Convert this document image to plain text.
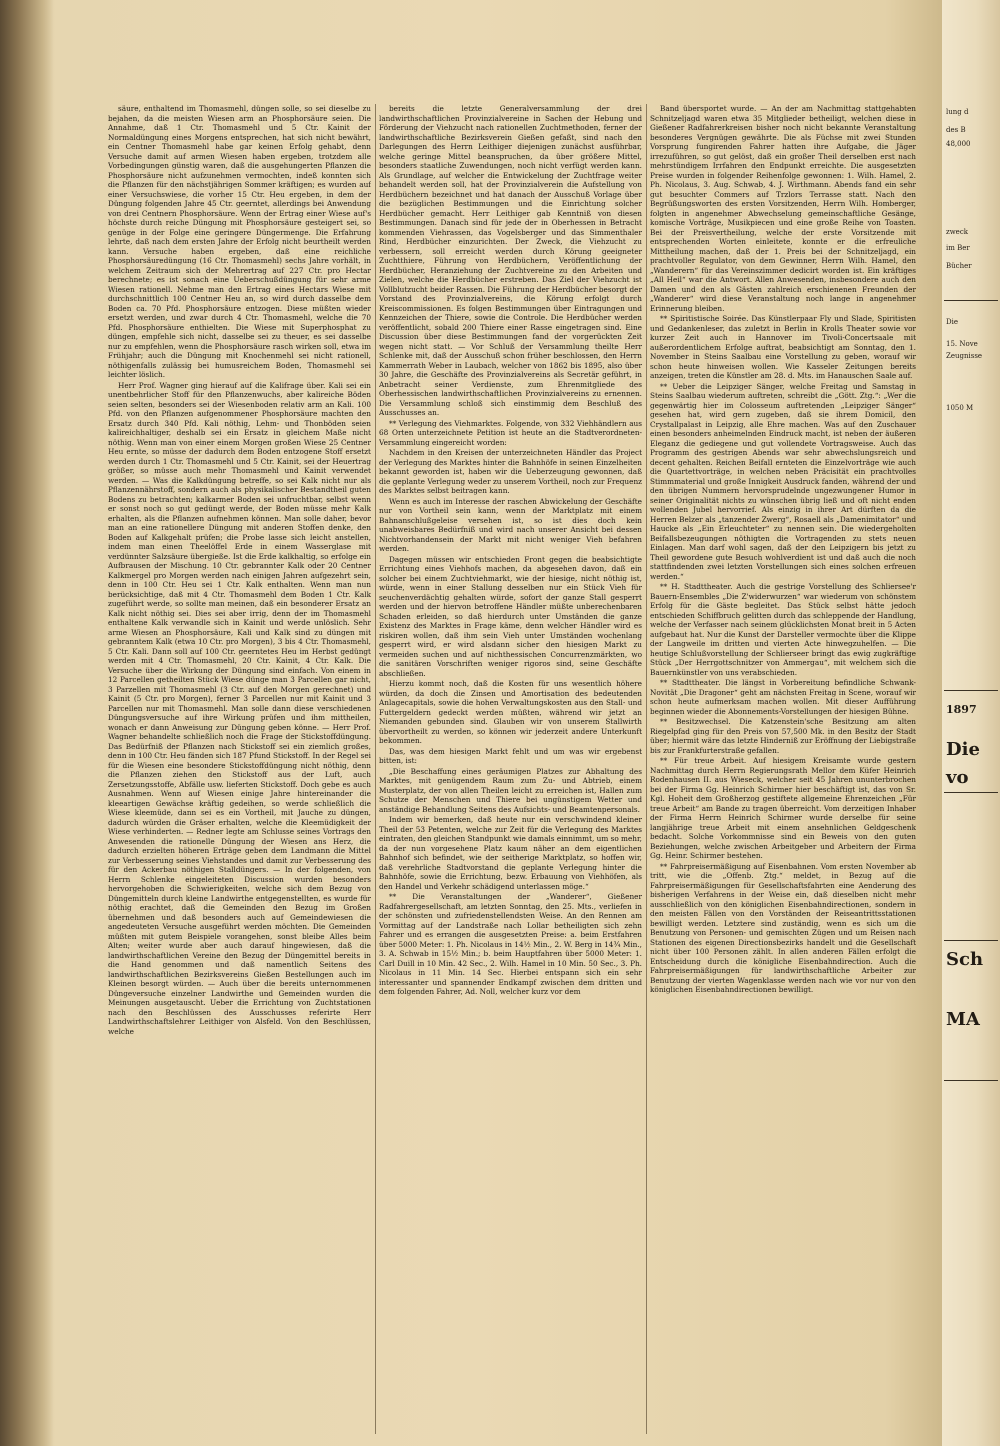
säure, enthaltend im Thomasmehl, düngen solle, so sei dieselbe zu bejahen, da die meisten Wiesen arm an Phosphorsäure seien. Die Annahme, daß 1 Ctr. Thomasmehl und 5 Ctr. Kainit der Normaldüngung eines Morgens entsprechen, hat sich nicht bewährt, ein Centner Thomasmehl habe gar keinen Erfolg gehabt, denn Versuche damit auf armen Wiesen haben ergeben, trotzdem alle Vorbedingungen günstig waren, daß die ausgehungerten Pflanzen die Phosphorsäure nicht aufzunehmen vermochten, indeß konnten sich die Pflanzen für den nächstjährigen Sommer kräftigen; es wurden auf einer Versuchswiese, die vorher 15 Ctr. Heu ergeben, in dem der Düngung folgenden Jahre 45 Ctr. geerntet, allerdings bei Anwendung von drei Centnern Phosphorsäure. Wenn der Ertrag einer Wiese auf's höchste durch reiche Düngung mit Phosphorsäure gesteigert sei, so genüge in der Folge eine geringere Düngermenge. Die Erfahrung lehrte, daß nach dem ersten Jahre der Erfolg nicht beurtheilt werden kann. Versuche haben ergeben, daß eine reichliche Phosphorsäuredüngung (16 Ctr. Thomasmehl) sechs Jahre vorhält, in welchem Zeitraum sich der Mehrertrag auf 227 Ctr. pro Hectar berechnete; es ist sonach eine Ueberschußdüngung für sehr arme Wiesen rationell. Nehme man den Ertrag eines Hectars Wiese mit durchschnittlich 100 Centner Heu an, so wird durch dasselbe dem Boden ca. 70 Pfd. Phosphorsäure entzogen. Diese müßten wieder ersetzt werden, und zwar durch 4 Ctr. Thomasmehl, welche die 70 Pfd. Phosphorsäure enthielten. Die Wiese mit Superphosphat zu düngen, empfehle sich nicht, dasselbe sei zu theuer, es sei dasselbe nur zu empfehlen, wenn die Phosphorsäure rasch wirken soll, etwa im Frühjahr; auch die Düngung mit Knochenmehl sei nicht rationell, nöthigenfalls zulässig bei humusreichem Boden, Thomasmehl sei leichter löslich.

Herr Prof. Wagner ging hierauf auf die Kalifrage über. Kali sei ein unentbehrlicher Stoff für den Pflanzenwuchs, aber kalireiche Böden seien selten, besonders sei der Wiesenboden relativ arm an Kali. 100 Pfd. von den Pflanzen aufgenommener Phosphorsäure machten den Ersatz durch 340 Pfd. Kali nöthig, Lehm- und Thonböden seien kalireichhaltiger, deshalb sei ein Ersatz in gleichem Maße nicht nöthig. Wenn man von einer einem Morgen großen Wiese 25 Centner Heu ernte, so müsse der dadurch dem Boden entzogene Stoff ersetzt werden durch 1 Ctr. Thomasmehl und 5 Ctr. Kainit, sei der Heuertrag größer, so müsse auch mehr Thomasmehl und Kainit verwendet werden. — Was die Kalkdüngung betreffe, so sei Kalk nicht nur als Pflanzennährstoff, sondern auch als physikalischer Bestandtheil guten Bodens zu betrachten; kalkarmer Boden sei unfruchtbar, selbst wenn er sonst noch so gut gedüngt werde, der Boden müsse mehr Kalk erhalten, als die Pflanzen aufnehmen können. Man solle daher, bevor man an eine rationellere Düngung mit anderen Stoffen denke, den Boden auf Kalkgehalt prüfen; die Probe lasse sich leicht anstellen, indem man einen Theelöffel Erde in einem Wasserglase mit verdünnter Salzsäure übergieße. Ist die Erde kalkhaltig, so erfolge ein Aufbrausen der Mischung. 10 Ctr. gebrannter Kalk oder 20 Centner Kalkmergel pro Morgen werden nach einigen Jahren aufgezehrt sein, denn in 100 Ctr. Heu sei 1 Ctr. Kalk enthalten. Wenn man nun berücksichtige, daß mit 4 Ctr. Thomasmehl dem Boden 1 Ctr. Kalk zugeführt werde, so sollte man meinen, daß ein besonderer Ersatz an Kalk nicht nöthig sei. Dies sei aber irrig, denn der im Thomasmehl enthaltene Kalk verwandle sich in Kainit und werde unlöslich. Sehr arme Wiesen an Phosphorsäure, Kali und Kalk sind zu düngen mit gebranntem Kalk (etwa 10 Ctr. pro Morgen), 3 bis 4 Ctr. Thomasmehl, 5 Ctr. Kali. Dann soll auf 100 Ctr. geerntetes Heu im Herbst gedüngt werden mit 4 Ctr. Thomasmehl, 20 Ctr. Kainit, 4 Ctr. Kalk. Die Versuche über die Wirkung der Düngung sind einfach. Von einem in 12 Parcellen getheilten Stück Wiese dünge man 3 Parcellen gar nicht, 3 Parzellen mit Thomasmehl (3 Ctr. auf den Morgen gerechnet) und Kainit (5 Ctr. pro Morgen), ferner 3 Parcellen nur mit Kainit und 3 Parcellen nur mit Thomasmehl. Man solle dann diese verschiedenen Düngungsversuche auf ihre Wirkung prüfen und ihm mittheilen, wonach er dann Anweisung zur Düngung geben könne. — Herr Prof. Wagner behandelte schließlich noch die Frage der Stickstoffdüngung. Das Bedürfniß der Pflanzen nach Stickstoff sei ein ziemlich großes, denn in 100 Ctr. Heu fänden sich 187 Pfund Stickstoff. In der Regel sei für die Wiesen eine besondere Stickstoffdüngung nicht nöthig, denn die Pflanzen ziehen den Stickstoff aus der Luft, auch Zersetzungsstoffe, Abfälle usw. lieferten Stickstoff. Doch gebe es auch Ausnahmen. Wenn auf Wiesen einige Jahre hintereinander die kleeartigen Gewächse kräftig gedeihen, so werde schließlich die Wiese kleemüde, dann sei es ein Vortheil, mit Jauche zu düngen, dadurch würden die Gräser erhalten, welche die Kleemüdigkeit der Wiese verhinderten. — Redner legte am Schlusse seines Vortrags den Anwesenden die rationelle Düngung der Wiesen ans Herz, die dadurch erzielten höheren Erträge geben dem Landmann die Mittel zur Verbesserung seines Viehstandes und damit zur Verbesserung des für den Ackerbau nöthigen Stalldüngers. — In der folgenden, von Herrn Schlenke eingeleiteten Discussion wurden besonders hervorgehoben die Schwierigkeiten, welche sich dem Bezug von Düngemitteln durch kleine Landwirthe entgegenstellten, es wurde für nöthig erachtet, daß die Gemeinden den Bezug im Großen übernehmen und daß besonders auch auf Gemeindewiesen die angedeuteten Versuche ausgeführt werden möchten. Die Gemeinden müßten mit gutem Beispiele vorangehen, sonst bleibe Alles beim Alten; weiter wurde aber auch darauf hingewiesen, daß die landwirthschaftlichen Vereine den Bezug der Düngemittel bereits in die Hand genommen und daß namentlich Seitens des landwirthschaftlichen Bezirksvereins Gießen Bestellungen auch im Kleinen besorgt würden. — Auch über die bereits unternommenen Düngeversuche einzelner Landwirthe und Gemeinden wurden die Meinungen ausgetauscht. Ueber die Errichtung von Zuchtstationen nach den Beschlüssen des Ausschusses referirte Herr Landwirthschaftslehrer Leithiger von Alsfeld. Von den Beschlüssen, welche

bereits die letzte Generalversammlung der drei landwirthschaftlichen Provinzialvereine in Sachen der Hebung und Förderung der Viehzucht nach rationellen Zuchtmethoden, ferner der landwirthschaftliche Bezirksverein Gießen gefaßt, sind nach den Darlegungen des Herrn Leithiger diejenigen zunächst ausführbar, welche geringe Mittel beanspruchen, da über größere Mittel, besonders staatliche Zuwendungen, noch nicht verfügt werden kann. Als Grundlage, auf welcher die Entwickelung der Zuchtfrage weiter behandelt werden soll, hat der Provinzialverein die Aufstellung von Herdbüchern bezeichnet und hat danach der Ausschuß Vorlage über die bezüglichen Bestimmungen und die Einrichtung solcher Herdbücher gemacht. Herr Leithiger gab Kenntniß von diesen Bestimmungen. Danach sind für jede der in Oberhessen in Betracht kommenden Viehrassen, das Vogelsberger und das Simmenthaler Rind, Herdbücher einzurichten. Der Zweck, die Viehzucht zu verbessern, soll erreicht werden durch Körung geeigneter Zuchtthiere, Führung von Herdbüchern, Veröffentlichung der Herdbücher, Heranziehung der Zuchtvereine zu den Arbeiten und Zielen, welche die Herdbücher erstreben. Das Ziel der Viehzucht ist Vollblutzucht beider Rassen. Die Führung der Herdbücher besorgt der Vorstand des Provinzialvereins, die Körung erfolgt durch Kreiscommissionen. Es folgen Bestimmungen über Eintragungen und Kennzeichen der Thiere, sowie die Controle. Die Herdbücher werden veröffentlicht, sobald 200 Thiere einer Rasse eingetragen sind. Eine Discussion über diese Bestimmungen fand der vorgerückten Zeit wegen nicht statt. — Vor Schluß der Versammlung theilte Herr Schlenke mit, daß der Ausschuß schon früher beschlossen, den Herrn Kammerrath Weber in Laubach, welcher von 1862 bis 1895, also über 30 Jahre, die Geschäfte des Provinzialvereins als Secretär geführt, in Anbetracht seiner Verdienste, zum Ehrenmitgliede des Oberhessischen landwirthschaftlichen Provinzialvereins zu ernennen. Die Versammlung schloß sich einstimmig dem Beschluß des Ausschusses an.

** Verlegung des Viehmarktes. Folgende, von 332 Viehhändlern aus 68 Orten unterzeichnete Petition ist heute an die Stadtverordneten-Versammlung eingereicht worden:

Nachdem in den Kreisen der unterzeichneten Händler das Project der Verlegung des Marktes hinter die Bahnhöfe in seinen Einzelheiten bekannt geworden ist, haben wir die Ueberzeugung gewonnen, daß die geplante Verlegung weder zu unserem Vortheil, noch zur Frequenz des Marktes selbst beitragen kann.

Wenn es auch im Interesse der raschen Abwickelung der Geschäfte nur von Vortheil sein kann, wenn der Marktplatz mit einem Bahnanschlußgeleise versehen ist, so ist dies doch kein unabweisbares Bedürfniß und wird nach unserer Ansicht bei dessen Nichtvorhandensein der Markt mit nicht weniger Vieh befahren werden.

Dagegen müssen wir entschieden Front gegen die beabsichtigte Errichtung eines Viehhofs machen, da abgesehen davon, daß ein solcher bei einem Zuchtviehmarkt, wie der hiesige, nicht nöthig ist, würde, wenn in einer Stallung desselben nur ein Stück Vieh für seuchenverdächtig gehalten würde, sofort der ganze Stall gesperrt werden und der hiervon betroffene Händler müßte unberechenbaren Schaden erleiden, so daß hierdurch unter Umständen die ganze Existenz des Marktes in Frage käme, denn welcher Händler wird es riskiren wollen, daß ihm sein Vieh unter Umständen wochenlang gesperrt wird, er wird alsdann sicher den hiesigen Markt zu vermeiden suchen und auf nichthessischen Concurrenzmärkten, wo die sanitären Vorschriften weniger rigoros sind, seine Geschäfte abschließen.

Hierzu kommt noch, daß die Kosten für uns wesentlich höhere würden, da doch die Zinsen und Amortisation des bedeutenden Anlagecapitals, sowie die hohen Verwaltungskosten aus den Stall- und Futtergeldern gedeckt werden müßten, während wir jetzt an Niemanden gebunden sind. Glauben wir von unserem Stallwirth übervortheilt zu werden, so können wir jederzeit andere Unterkunft bekommen.

Das, was dem hiesigen Markt fehlt und um was wir ergebenst bitten, ist:

„Die Beschaffung eines geräumigen Platzes zur Abhaltung des Marktes, mit genügendem Raum zum Zu- und Abtrieb, einem Musterplatz, der von allen Theilen leicht zu erreichen ist, Hallen zum Schutze der Menschen und Thiere bei ungünstigem Wetter und anständige Behandlung Seitens des Aufsichts- und Beamtenpersonals.

Indem wir bemerken, daß heute nur ein verschwindend kleiner Theil der 53 Petenten, welche zur Zeit für die Verlegung des Marktes eintraten, den gleichen Standpunkt wie damals einnimmt, um so mehr, da der nun vorgesehene Platz kaum näher an dem eigentlichen Bahnhof sich befindet, wie der seitherige Marktplatz, so hoffen wir, daß verehrliche Stadtvorstand die geplante Verlegung hinter die Bahnhöfe, sowie die Errichtung, bezw. Erbauung von Viehhöfen, als den Handel und Verkehr schädigend unterlassen möge.“

** Die Veranstaltungen der „Wanderer“, Gießener Radfahrergesellschaft, am letzten Sonntag, den 25. Mts., verliefen in der schönsten und zufriedenstellendsten Weise. An den Rennen am Vormittag auf der Landstraße nach Lollar betheiligten sich zehn Fahrer und es errangen die ausgesetzten Preise: a. beim Erstfahren über 5000 Meter: 1. Ph. Nicolaus in 14½ Min., 2. W. Berg in 14¾ Min., 3. A. Schwab in 15½ Min.; b. beim Hauptfahren über 5000 Meter: 1. Carl Duill in 10 Min. 42 Sec., 2. Wilh. Hamel in 10 Min. 50 Sec., 3. Ph. Nicolaus in 11 Min. 14 Sec. Hierbei entspann sich ein sehr interessanter und spannender Endkampf zwischen dem dritten und dem folgenden Fahrer, Ad. Noll, welcher kurz vor dem

Band übersportet wurde. — An der am Nachmittag stattgehabten Schnitzeljagd waren etwa 35 Mitglieder betheiligt, welchen diese in Gießener Radfahrerkreisen bisher noch nicht bekannte Veranstaltung besonderes Vergnügen gewährte. Die als Füchse mit zwei Stunden Vorsprung fungirenden Fahrer hatten ihre Aufgabe, die Jäger irrezuführen, so gut gelöst, daß ein großer Theil derselben erst nach mehrstündigem Irrfahren den Endpunkt erreichte. Die ausgesetzten Preise wurden in folgender Reihenfolge gewonnen: 1. Wilh. Hamel, 2. Ph. Nicolaus, 3. Aug. Schwab, 4. J. Wirthmann. Abends fand ein sehr gut besuchter Commers auf Trzlors Terrasse statt. Nach den Begrüßungsworten des ersten Vorsitzenden, Herrn Wilh. Homberger, folgten in angenehmer Abwechselung gemeinschaftliche Gesänge, komische Vorträge, Musikpiecen und eine große Reihe von Toasten. Bei der Preisvertheilung, welche der erste Vorsitzende mit entsprechenden Worten einleitete, konnte er die erfreuliche Mittheilung machen, daß der 1. Preis bei der Schnitzeljagd, ein prachtvoller Regulator, von dem Gewinner, Herrn Wilh. Hamel, den „Wanderern“ für das Vereinszimmer dedicirt worden ist. Ein kräftiges „All Heil“ war die Antwort. Allen Anwesenden, insbesondere auch den Damen und den als Gästen zahlreich erschienenen Freunden der „Wanderer“ wird diese Veranstaltung noch lange in angenehmer Erinnerung bleiben.

** Spiritistische Soirée. Das Künstlerpaar Fly und Slade, Spiritisten und Gedankenleser, das zuletzt in Berlin in Krolls Theater sowie vor kurzer Zeit auch in Hannover im Tivoli-Concertsaale mit außerordentlichem Erfolge auftrat, beabsichtigt am Sonntag, den 1. November in Steins Saalbau eine Vorstellung zu geben, worauf wir schon heute hinweisen wollen. Wie Kasseler Zeitungen bereits anzeigen, treten die Künstler am 28. d. Mts. im Hanauschen Saale auf.

** Ueber die Leipziger Sänger, welche Freitag und Samstag in Steins Saalbau wiederum auftreten, schreibt die „Gött. Ztg.“: „Wer die gegenwärtig hier im Colosseum auftretenden „Leipziger Sänger“ gesehen hat, wird gern zugeben, daß sie ihrem Domicil, den Crystallpalast in Leipzig, alle Ehre machen. Was auf den Zuschauer einen besonders anheimelnden Eindruck macht, ist neben der äußeren Eleganz die gediegene und gut vollendete Vortragsweise. Auch das Programm des gestrigen Abends war sehr abwechslungsreich und decent gehalten. Reichen Beifall ernteten die Einzelvorträge wie auch die Quartettvorträge, in welchen neben Präcisität ein prachtvolles Stimmmaterial und große Innigkeit Ausdruck fanden, während der und den übrigen Nummern hervorsprudelnde ungezwungener Humor in seiner Originalität nichts zu wünschen übrig ließ und oft nicht enden wollenden Jubel hervorrief. Als einzig in ihrer Art dürften da die Herren Belzer als „tanzender Zwerg“, Rosaell als „Damenimitator“ und Haucke als „Ein Erleuchteter“ zu nennen sein. Die wiedergeholten Beifallsbezeugungen nöthigten die Vortragenden zu stets neuen Einlagen. Man darf wohl sagen, daß der den Leipzigern bis jetzt zu Theil gewordene gute Besuch wohlverdient ist und daß auch die noch stattfindenden zwei letzten Vorstellungen sich eines solchen erfreuen werden.“

** H. Stadttheater. Auch die gestrige Vorstellung des Schliersee'r Bauern-Ensembles „Die Z'widerwurzen“ war wiederum von schönstem Erfolg für die Gäste begleitet. Das Stück selbst hätte jedoch entschieden Schiffbruch gelitten durch das schleppende der Handlung, welche der Verfasser nach seinem glücklichsten Monat breit in 5 Acten aufgebaut hat. Nur die Kunst der Darsteller vermochte über die Klippe der Langweile im dritten und vierten Acte hinwegzuhelfen. — Die heutige Schlußvorstellung der Schlierseer bringt das ewig zugkräftige Stück „Der Herrgottschnitzer von Ammergau“, mit welchem sich die Bauernkünstler von uns verabschieden.

** Stadttheater. Die längst in Vorbereitung befindliche Schwank-Novität „Die Dragoner“ geht am nächsten Freitag in Scene, worauf wir schon heute aufmerksam machen wollen. Mit dieser Aufführung beginnen wieder die Abonnements-Vorstellungen der hiesigen Bühne.

** Besitzwechsel. Die Katzenstein'sche Besitzung am alten Riegelpfad ging für den Preis von 57,500 Mk. in den Besitz der Stadt über; hiermit wäre das letzte Hinderniß zur Eröffnung der Liebigstraße bis zur Frankfurterstraße gefallen.

** Für treue Arbeit. Auf hiesigem Kreisamte wurde gestern Nachmittag durch Herrn Regierungsrath Mellor dem Küfer Heinrich Rodenhausen II. aus Wieseck, welcher seit 45 Jahren ununterbrochen bei der Firma Gg. Heinrich Schirmer hier beschäftigt ist, das von Sr. Kgl. Hoheit dem Großherzog gestiftete allgemeine Ehrenzeichen „Für treue Arbeit“ am Bande zu tragen überreicht. Vom derzeitigen Inhaber der Firma Herrn Heinrich Schirmer wurde derselbe für seine langjährige treue Arbeit mit einem ansehnlichen Geldgeschenk bedacht. Solche Vorkommnisse sind ein Beweis von den guten Beziehungen, welche zwischen Arbeitgeber und Arbeitern der Firma Gg. Heinr. Schirmer bestehen.

** Fahrpreisermäßigung auf Eisenbahnen. Vom ersten November ab tritt, wie die „Offenb. Ztg.“ meldet, in Bezug auf die Fahrpreisermäßigungen für Gesellschaftsfahrten eine Aenderung des bisherigen Verfahrens in der Weise ein, daß dieselben nicht mehr ausschließlich von den königlichen Eisenbahndirectionen, sondern in den meisten Fällen von den Vorständen der Reiseantrittsstationen bewilligt werden. Letztere sind zuständig, wenn es sich um die Benutzung von Personen- und gemischten Zügen und um Reisen nach Stationen des eigenen Directionsbezirks handelt und die Gesellschaft nicht über 100 Personen zählt. In allen anderen Fällen erfolgt die Entscheidung durch die königliche Eisenbahndirection. Auch die Fahrpreisermäßigungen für landwirthschaftliche Arbeiter zur Benutzung der vierten Wagenklasse werden nach wie vor nur von den königlichen Eisenbahndirectionen bewilligt.

lung d
des B
48,000
zweck
im Ber
Bücher
Die
15. Nove
Zeugnisse
1050 M
1897
Die
vo
Sch
MA
